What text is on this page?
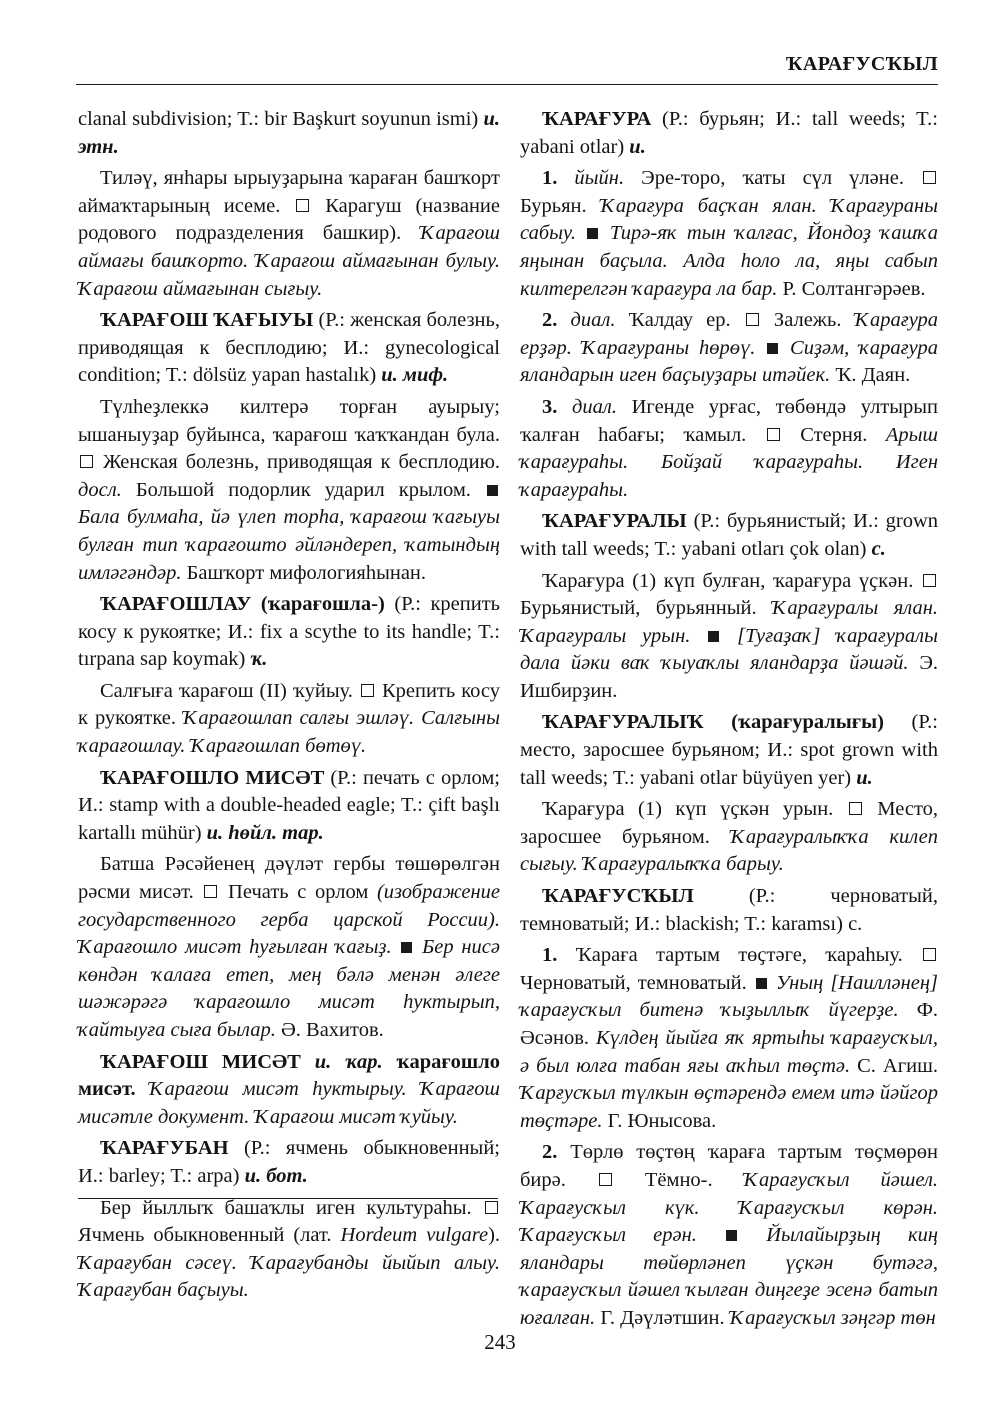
ҠАРАҒУСҠЫЛ

clanal subdivision; T.: bir Başkurt soyunun ismi) и. этн.

Тиләү, янһары ырыуҙарына ҡараған башҡорт аймаҡтарының исеме. Карагуш (название родового подразделения башкир). Ҡарағош аймағы башҡорто. Ҡарағош аймағынан булыу. Ҡарағош аймағынан сығыу.

ҠАРАҒОШ ҠАҒЫУЫ (Р.: женская болезнь, приводящая к бесплодию; И.: gynecological condition; T.: dölsüz yapan hastalık) и. миф.

Түлһеҙлеккә килтерә торған ауырыу; ышаныуҙар буйынса, ҡарағош ҡаҡҡандан була.  Женская болезнь, приводящая к бесплодию. досл. Большой подорлик ударил крылом.  Бала булмаһа, йә үлеп торһа, ҡарағош ҡағыуы булған тип ҡарағошто әйләндереп, ҡатындың имләгәндәр. Башҡорт мифологияһынан.

ҠАРАҒОШЛАУ (ҡарағошла-) (Р.: крепить косу к рукоятке; И.: fix a scythe to its handle; T.: tırpana sap koymak) ҡ.

Салғыға ҡарағош (II) ҡуйыу. Крепить косу к рукоятке. Ҡарағошлап салғы эшләү. Салғыны ҡарағошлау. Ҡарағошлап бөтөү.

ҠАРАҒОШЛО МИСӘТ (Р.: печать с орлом; И.: stamp with a double-headed eagle; T.: çift başlı kartallı mühür) и. һөйл. тар.

Батша Рәсәйенең дәүләт гербы төшөрөлгән рәсми мисәт. Печать с орлом (изображение государственного герба царской России). Ҡарағошло мисәт һуғылған ҡағыҙ. Бер нисә көндән ҡалаға етеп, мең бәлә менән әлеге шәжәрәгә ҡарағошло мисәт һуктырып, ҡайтыуға сыға былар. Ә. Вахитов.

ҠАРАҒОШ МИСӘТ и. ҡар. ҡарағошло мисәт. Ҡарағош мисәт һуктырыу. Ҡарағош мисәтле документ. Ҡарағош мисәт ҡуйыу.

ҠАРАҒУБАН (Р.: ячмень обыкновенный; И.: barley; T.: arpa) и. бот.

Бер йыллыҡ башаҡлы иген культураһы.  Ячмень обыкновенный (лат. Hordeum vulgare). Ҡарағубан сәсеү. Ҡарағубанды йыйып алыу. Ҡарағубан баҫыуы.

ҠАРАҒУРА (Р.: бурьян; И.: tall weeds; T.: yabani otlar) и.

1. йыйн. Эре-торо, ҡаты сүл үләне.  Бурьян. Ҡарағура баҫҡан ялан. Ҡарағураны сабыу. Тирә-яҡ тын ҡалғас, Йондоҙ ҡашҡа яңынан баҫыла. Алда һоло ла, яңы сабып килтерелгән ҡарағура ла бар. Р. Солтангәрәев.

2. диал. Ҡалдау ер. Залежь. Ҡарағура ерҙәр. Ҡарағураны һөрөү. Сиҙәм, ҡарағура яландарын иген баҫыуҙары итәйек. Ҡ. Даян.

3. диал. Игенде урғас, төбөндә ултырып ҡалған һабағы; ҡамыл.	Стерня. Арыш ҡарағураһы. Бойҙай ҡарағураһы. Иген ҡарағураһы.

ҠАРАҒУРАЛЫ (Р.: бурьянистый; И.: grown with tall weeds; T.: yabani otları çok olan) с.

Ҡарағура (1) күп булған, ҡарағура үҫкән.  Бурьянистый, бурьянный. Ҡарағуралы ялан. Ҡарағуралы урын. [Туғаҙаҡ] ҡарағуралы дала йәки ваҡ ҡыуаҡлы яландарҙа йәшәй. Э. Ишбирҙин.

ҠАРАҒУРАЛЫҠ (ҡарағуралығы) (Р.: место, заросшее бурьяном; И.: spot grown with tall weeds; T.: yabani otlar büyüyen yer) и.

Ҡарағура (1) күп үҫкән урын. Место, заросшее бурьяном. Ҡарағуралыҡҡа килеп сығыу. Ҡарағуралыҡҡа барыу.

ҠАРАҒУСҠЫЛ	(Р.: черноватый, темноватый; И.: blackish; T.: karamsı) с.

1. Ҡараға тартым төҫтәге, ҡараһыу.  Черноватый, темноватый. Уның [Наилләнең] ҡарағусҡыл битенә ҡыҙыллыҡ йүгерҙе. Ф. Әсәнов. Күлдең йыйға яҡ яртыһы ҡарағусҡыл, ә был юлға табан яғы аҡһыл төҫтә. С. Агиш. Ҡарғусҡыл түлкын өҫтәрендә емем итә йәйгор төҫтәре. Г. Юнысова.

2. Төрлө төҫтөң ҡараға тартым төҫмөрөн бирә.	Тёмно-. Ҡарағусҡыл йәшел. Ҡарағусҡыл күк. Ҡарағусҡыл көрән. Ҡарағусҡыл ерән.	Йылайырҙың киң яландары төйөрләнеп үҫкән бутәгә, ҡарағусҡыл йәшел ҡылған диңгеҙе эсенә батып юғалған. Г. Дәүләтшин. Ҡарағусҡыл зәңгәр төн

243
